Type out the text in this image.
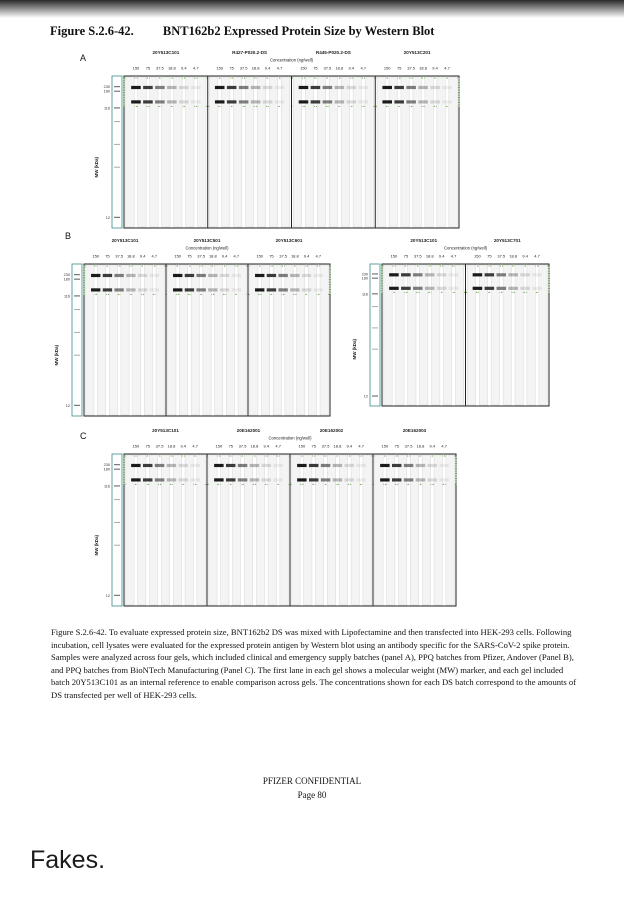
Figure S.2.6-42. BNT162b2 Expressed Protein Size by Western Blot
A
B
C
20Y513C101	R427-P020.2-DS	R445-P020.2-DS	20Y513C201
Concentration (ng/well)
150 75 37.5 18.8 9.4 4.7	150 75 37.5 18.8 9.4 4.7	150 75 37.5 18.8 9.4 4.7	150 75 37.5 18.8 9.4 4.7
230
180
116
12
MW (kDa)
20Y513C101	20Y513C501	20Y513C601
Concentration (ng/well)
150 75 37.5 18.8 9.4 4.7	150 75 37.5 18.8 9.4 4.7	150 75 37.5 18.8 9.4 4.7
230
180
116
12
MW (kDa)
20Y513C101	20Y513C701
Concentration (ng/well)
150 75 37.5 18.8 9.4 4.7	150 75 37.5 18.8 9.4 4.7
230
180
116
12
MW (kDa)
20Y513C101	20E162001	20E162002	20E162003
Concentration (ng/well)
150 75 37.5 18.8 9.4 4.7	150 75 37.5 18.8 9.4 4.7	150 75 37.5 18.8 9.4 4.7	150 75 37.5 18.8 9.4 4.7
230
180
116
12
MW (kDa)
Figure S.2.6-42. To evaluate expressed protein size, BNT162b2 DS was mixed with Lipofectamine and then transfected into HEK-293 cells. Following incubation, cell lysates were evaluated for the expressed protein antigen by Western blot using an antibody specific for the SARS-CoV-2 spike protein. Samples were analyzed across four gels, which included clinical and emergency supply batches (panel A), PPQ batches from Pfizer, Andover (Panel B), and PPQ batches from BioNTech Manufacturing (Panel C). The first lane in each gel shows a molecular weight (MW) marker, and each gel included batch 20Y513C101 as an internal reference to enable comparison across gels. The concentrations shown for each DS batch correspond to the amounts of DS transfected per well of HEK-293 cells.
PFIZER CONFIDENTIAL
Page 80
Fakes.
